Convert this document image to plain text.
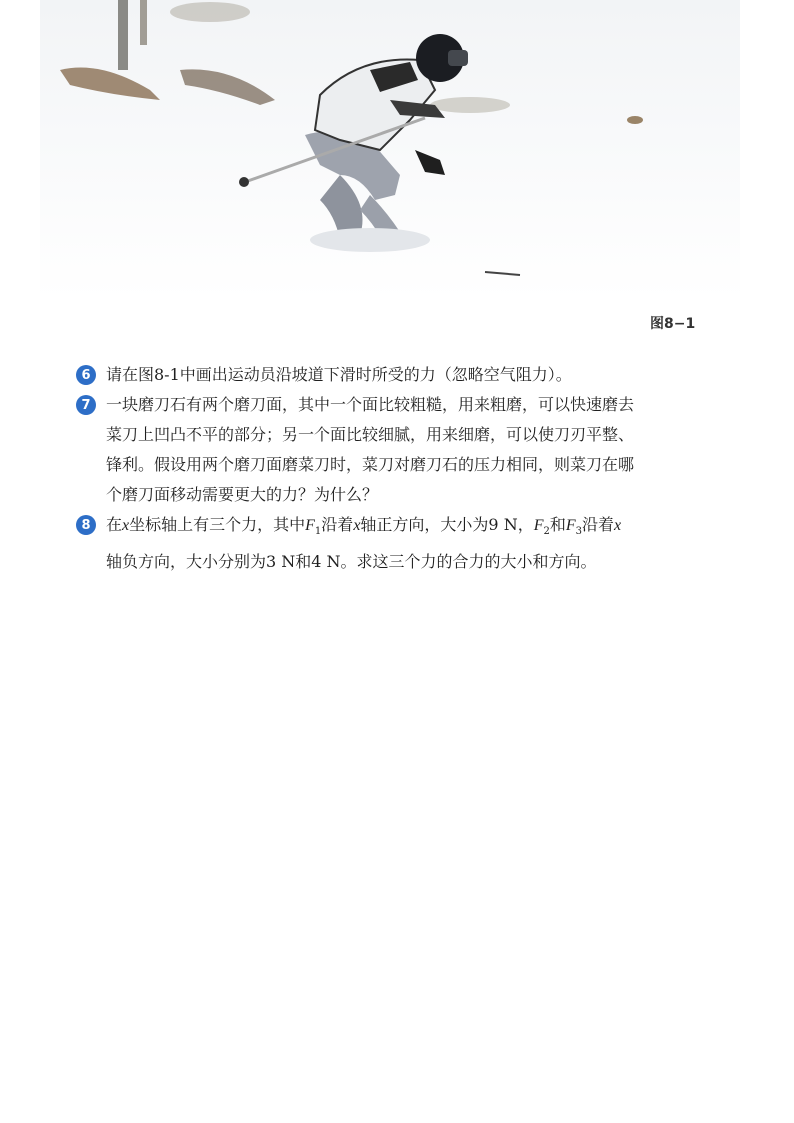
图8−1
6 请在图8-1中画出运动员沿坡道下滑时所受的力（忽略空气阻力）。
7 一块磨刀石有两个磨刀面，其中一个面比较粗糙，用来粗磨，可以快速磨去
菜刀上凹凸不平的部分；另一个面比较细腻，用来细磨，可以使刀刃平整、
锋利。假设用两个磨刀面磨菜刀时，菜刀对磨刀石的压力相同，则菜刀在哪
个磨刀面移动需要更大的力？为什么？
8 在x坐标轴上有三个力，其中$F_1$沿着x轴正方向，大小为9 N，$F_2$和$F_3$沿着x
轴负方向，大小分别为3 N和4 N。求这三个力的合力的大小和方向。
